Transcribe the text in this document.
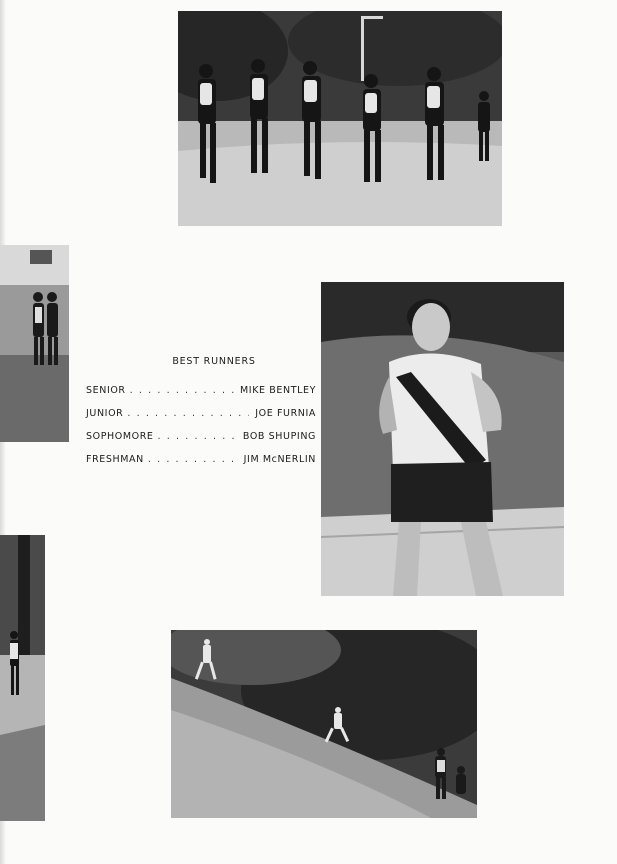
BEST RUNNERS
SENIOR . . .	MIKE BENTLEY
JUNIOR . . .	JOE FURNIA
SOPHOMORE . . .	BOB SHUPING
FRESHMAN . . .	JIM McNERLIN
